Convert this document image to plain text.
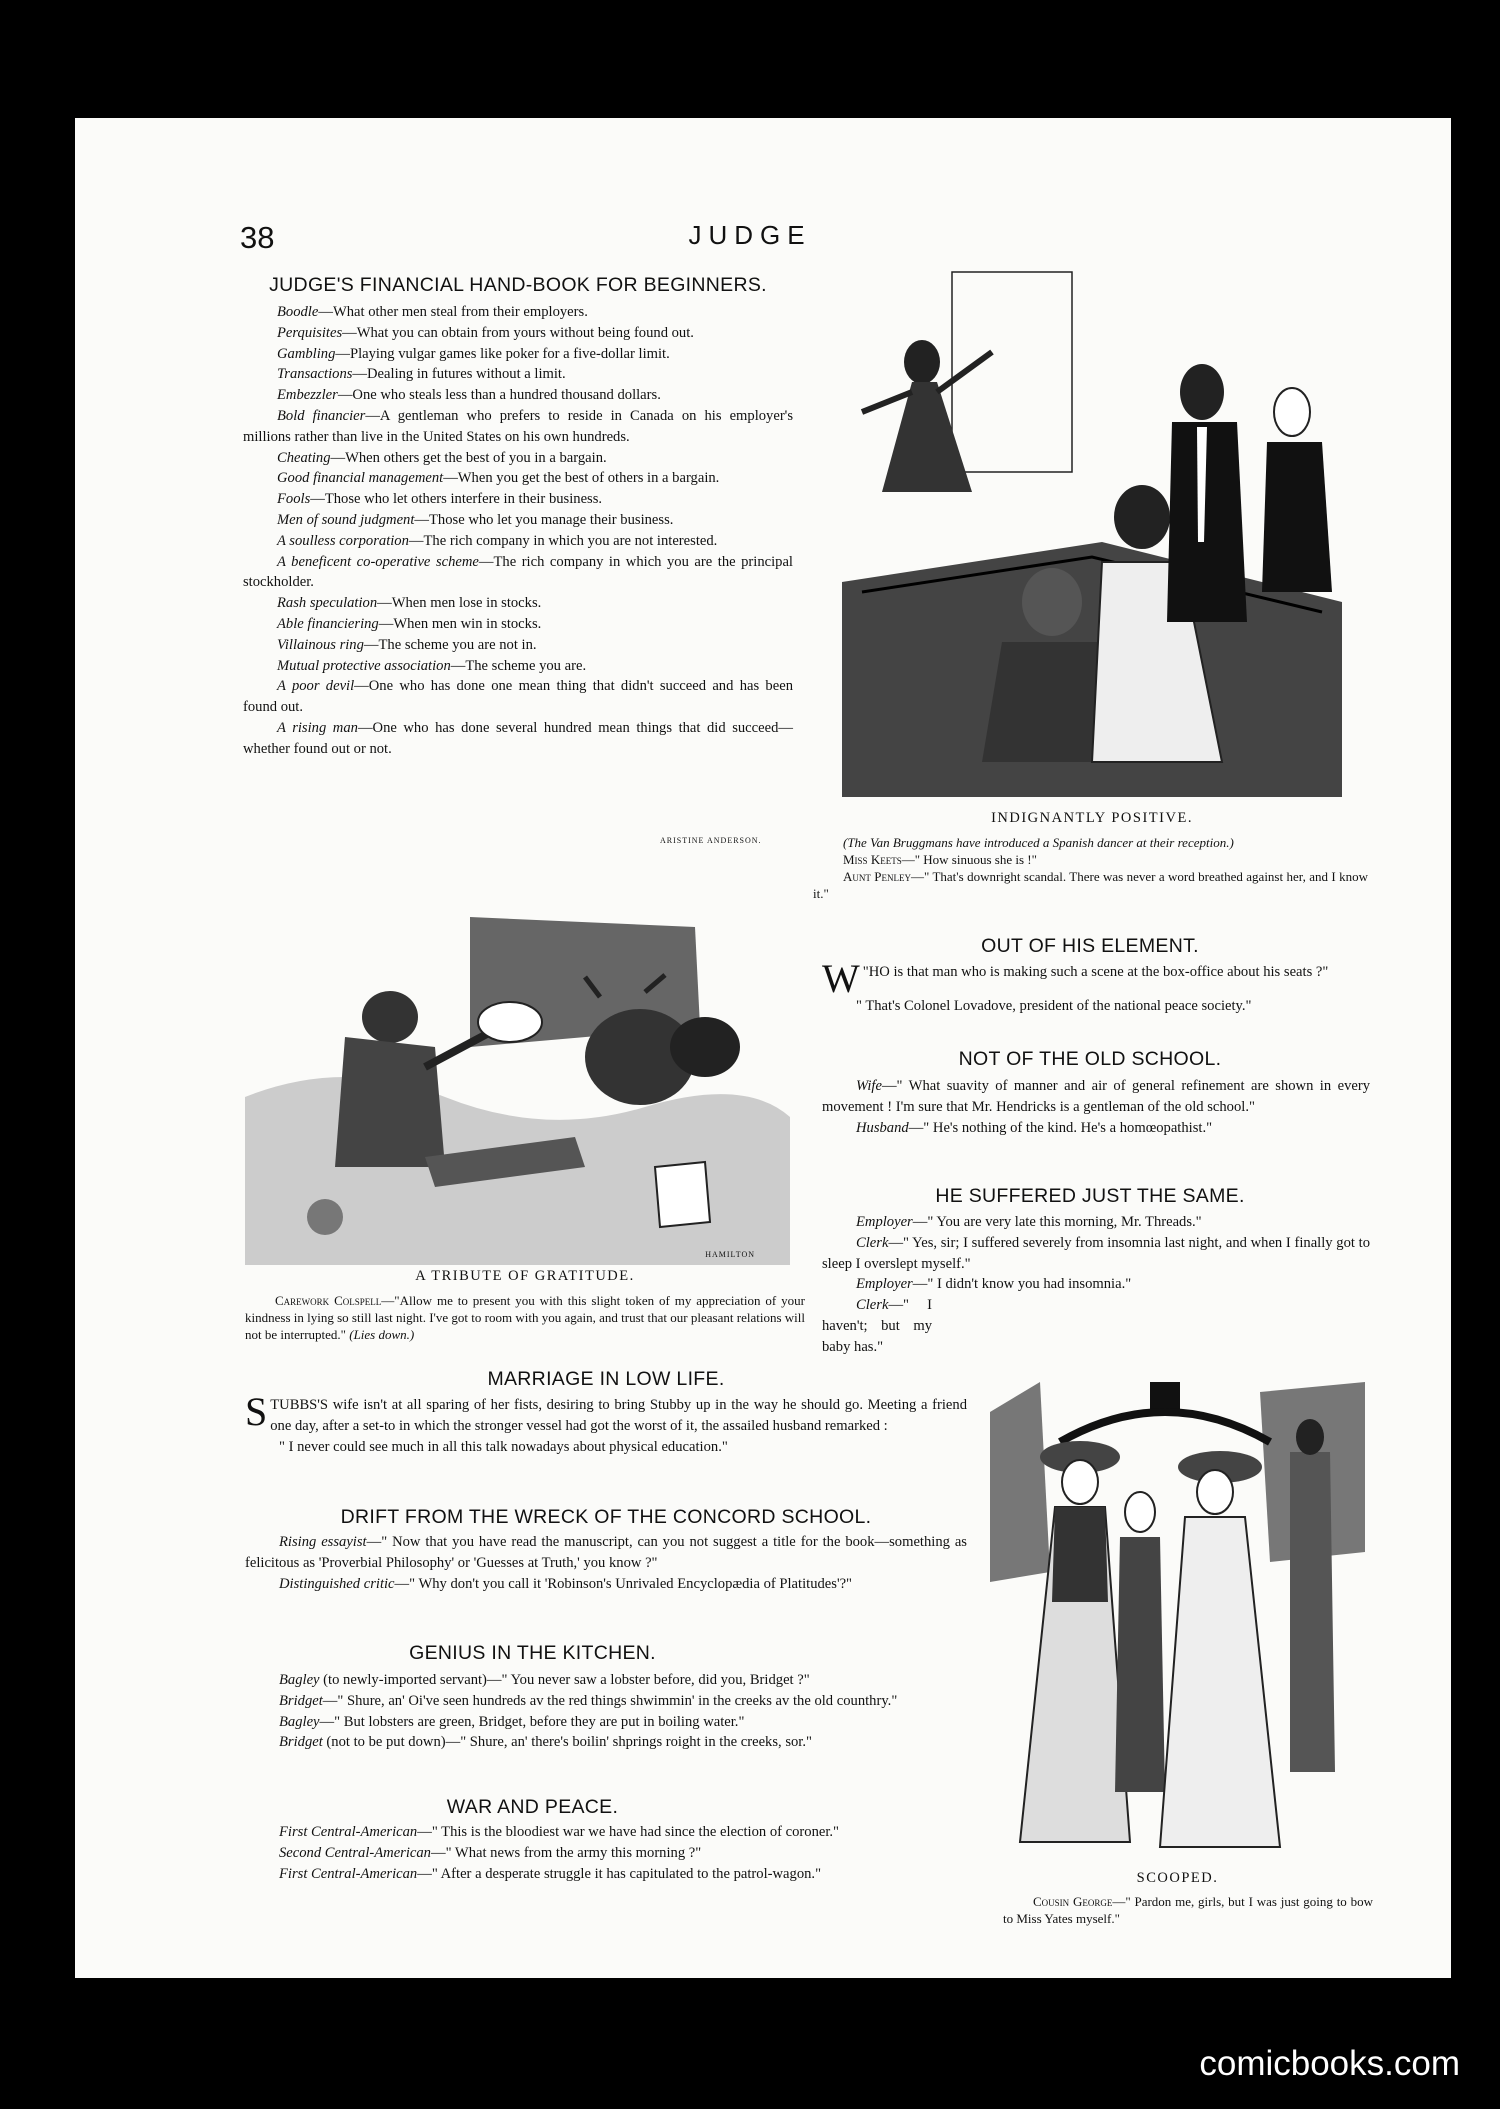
38	JUDGE
JUDGE'S FINANCIAL HAND-BOOK FOR BEGINNERS.

Boodle—What other men steal from their employers.

Perquisites—What you can obtain from yours without being found out.

Gambling—Playing vulgar games like poker for a five-dollar limit.

Transactions—Dealing in futures without a limit.

Embezzler—One who steals less than a hundred thousand dollars.

Bold financier—A gentleman who prefers to reside in Canada on his employer's millions rather than live in the United States on his own hundreds.

Cheating—When others get the best of you in a bargain.

Good financial management—When you get the best of others in a bargain.

Fools—Those who let others interfere in their business.

Men of sound judgment—Those who let you manage their business.

A soulless corporation—The rich company in which you are not interested.

A beneficent co-operative scheme—The rich company in which you are the principal stockholder.

Rash speculation—When men lose in stocks.

Able financiering—When men win in stocks.

Villainous ring—The scheme you are not in.

Mutual protective association—The scheme you are.

A poor devil—One who has done one mean thing that didn't succeed and has been found out.

A rising man—One who has done several hundred mean things that did succeed—whether found out or not.

ARISTINE ANDERSON.
INDIGNANTLY POSITIVE.

(The Van Bruggmans have introduced a Spanish dancer at their reception.)

Miss Keets—" How sinuous she is !"

Aunt Penley—" That's downright scandal. There was never a word breathed against her, and I know it."

OUT OF HIS ELEMENT.

"
W HO is that man who is making such a scene at the box-office about his seats ?"

" That's Colonel Lovadove, president of the national peace society."

NOT OF THE OLD SCHOOL.

Wife—" What suavity of manner and air of general refinement are shown in every movement ! I'm sure that Mr. Hendricks is a gentleman of the old school."

Husband—" He's nothing of the kind. He's a homœopathist."

HE SUFFERED JUST THE SAME.

Employer—" You are very late this morning, Mr. Threads."

Clerk—" Yes, sir; I suffered severely from insomnia last night, and when I finally got to sleep I overslept myself."

Employer—" I didn't know you had insomnia."

Clerk—" I haven't; but my baby has."

HAMILTON
A TRIBUTE OF GRATITUDE.

Carework Colspell—"Allow me to present you with this slight token of my appreciation of your kindness in lying so still last night. I've got to room with you again, and trust that our pleasant relations will not be interrupted." (Lies down.)

MARRIAGE IN LOW LIFE.

STUBBS'S wife isn't at all sparing of her fists, desiring to bring Stubby up in the way he should go. Meeting a friend one day, after a set-to in which the stronger vessel had got the worst of it, the assailed husband remarked :

" I never could see much in all this talk nowadays about physical education."

DRIFT FROM THE WRECK OF THE CONCORD SCHOOL.

Rising essayist—" Now that you have read the manuscript, can you not suggest a title for the book—something as felicitous as 'Proverbial Philosophy' or 'Guesses at Truth,' you know ?"

Distinguished critic—" Why don't you call it 'Robinson's Unrivaled Encyclopædia of Platitudes'?"

GENIUS IN THE KITCHEN.

Bagley (to newly-imported servant)—" You never saw a lobster before, did you, Bridget ?"

Bridget—" Shure, an' Oi've seen hundreds av the red things shwimmin' in the creeks av the old counthry."

Bagley—" But lobsters are green, Bridget, before they are put in boiling water."

Bridget (not to be put down)—" Shure, an' there's boilin' shprings roight in the creeks, sor."

WAR AND PEACE.

First Central-American—" This is the bloodiest war we have had since the election of coroner."

Second Central-American—" What news from the army this morning ?"

First Central-American—" After a desperate struggle it has capitulated to the patrol-wagon."	SCOOPED.

Cousin George—" Pardon me, girls, but I was just going to bow to Miss Yates myself."

comicbooks.com
